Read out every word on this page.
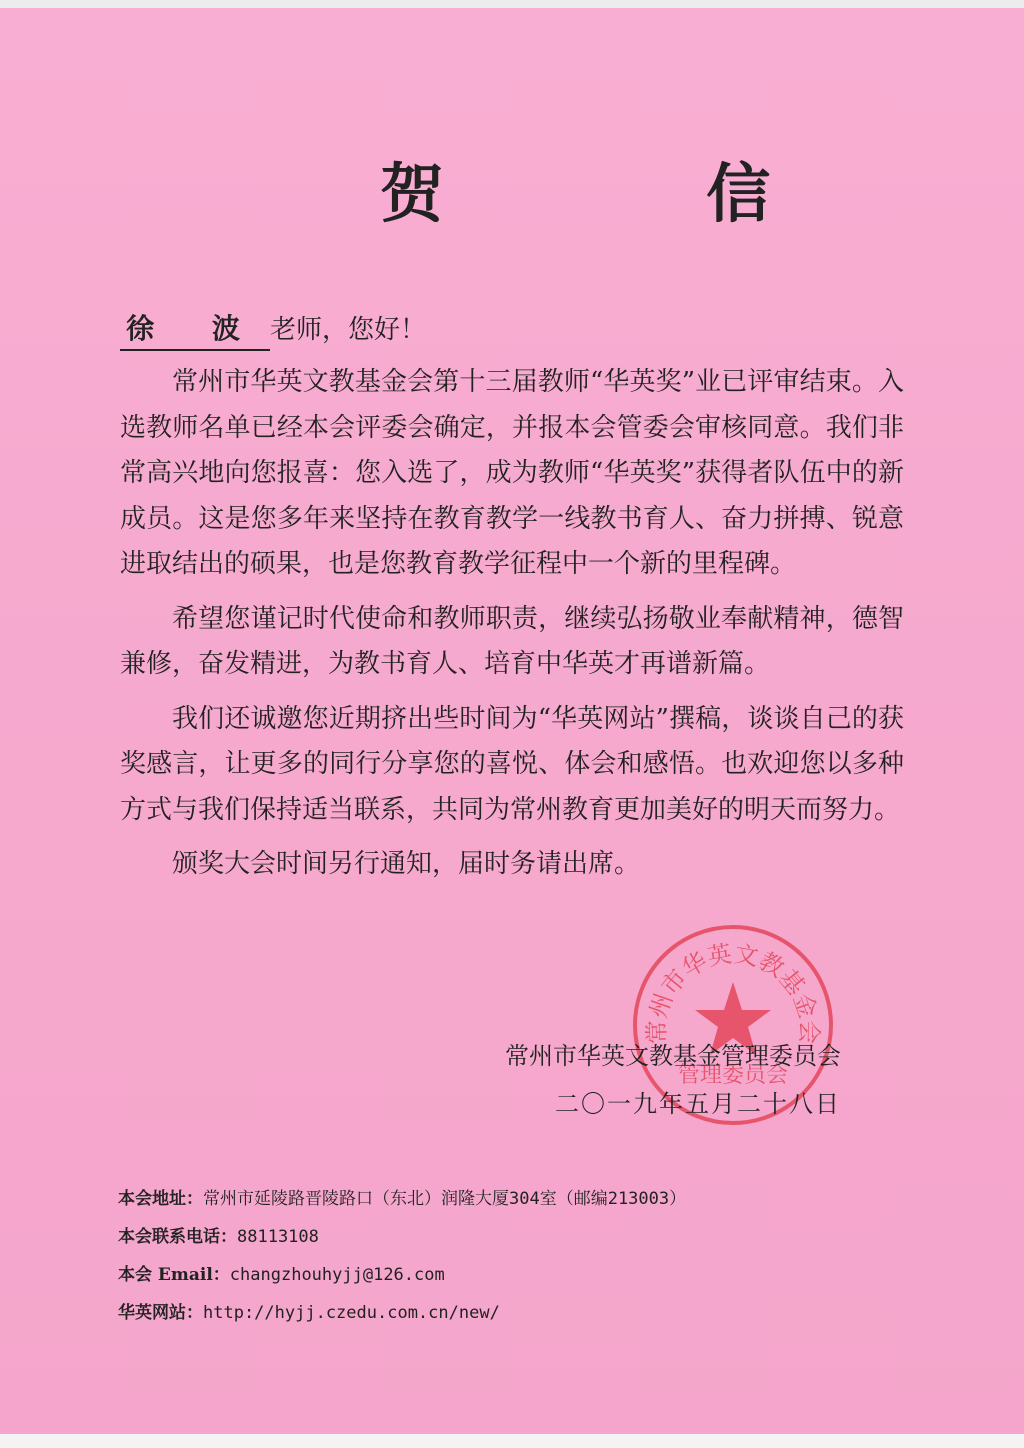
贺 信
徐 波 老师，您好！

常州市华英文教基金会第十三届教师“华英奖”业已评审结束。入选教师名单已经本会评委会确定，并报本会管委会审核同意。我们非常高兴地向您报喜：您入选了，成为教师“华英奖”获得者队伍中的新成员。这是您多年来坚持在教育教学一线教书育人、奋力拼搏、锐意进取结出的硕果，也是您教育教学征程中一个新的里程碑。

希望您谨记时代使命和教师职责，继续弘扬敬业奉献精神，德智兼修，奋发精进，为教书育人、培育中华英才再谱新篇。

我们还诚邀您近期挤出些时间为“华英网站”撰稿，谈谈自己的获奖感言，让更多的同行分享您的喜悦、体会和感悟。也欢迎您以多种方式与我们保持适当联系，共同为常州教育更加美好的明天而努力。

颁奖大会时间另行通知，届时务请出席。

常州市华英文教基金会
管理委员会
常州市华英文教基金管理委员会
二〇一九年五月二十八日
本会地址：常州市延陵路晋陵路口（东北）润隆大厦304室（邮编213003）
本会联系电话：88113108
本会 Email：changzhouhyjj@126.com
华英网站：http://hyjj.czedu.com.cn/new/
